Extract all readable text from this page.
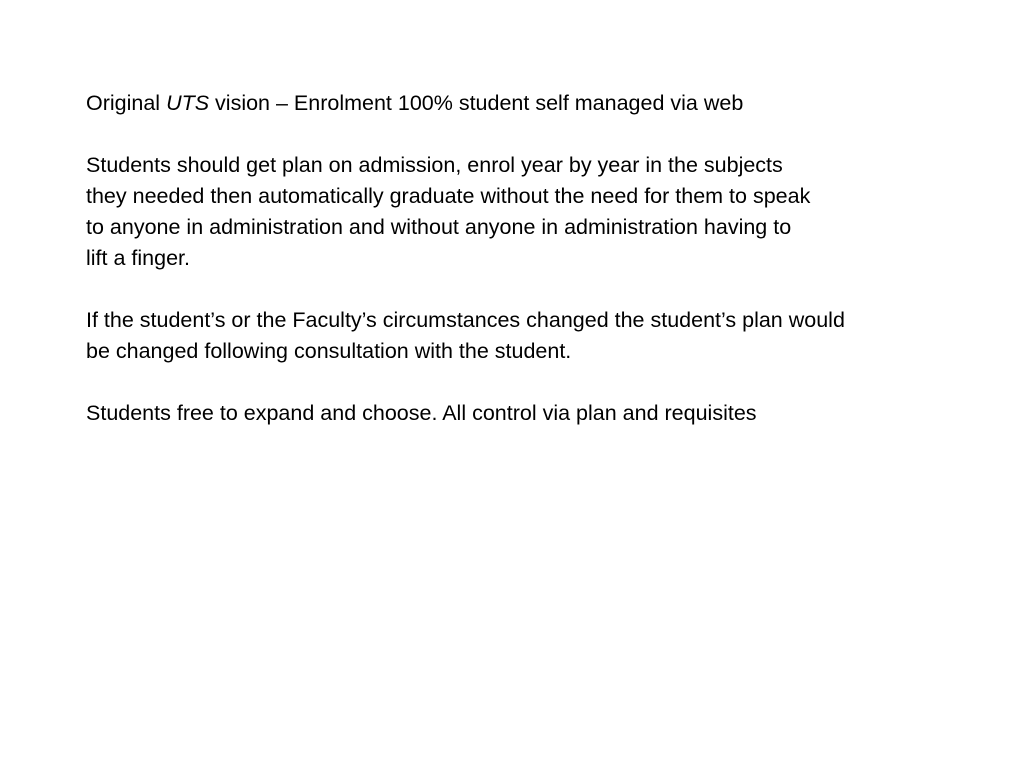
Original UTS vision – Enrolment 100% student self managed via web

Students should get plan on admission, enrol year by year in the subjects
they needed then automatically graduate without the need for them to speak
to anyone in administration and without anyone in administration having to
lift a finger.

If the student’s or the Faculty’s circumstances changed the student’s plan would
be changed following consultation with the student.

Students free to expand and choose. All control via plan and requisites
